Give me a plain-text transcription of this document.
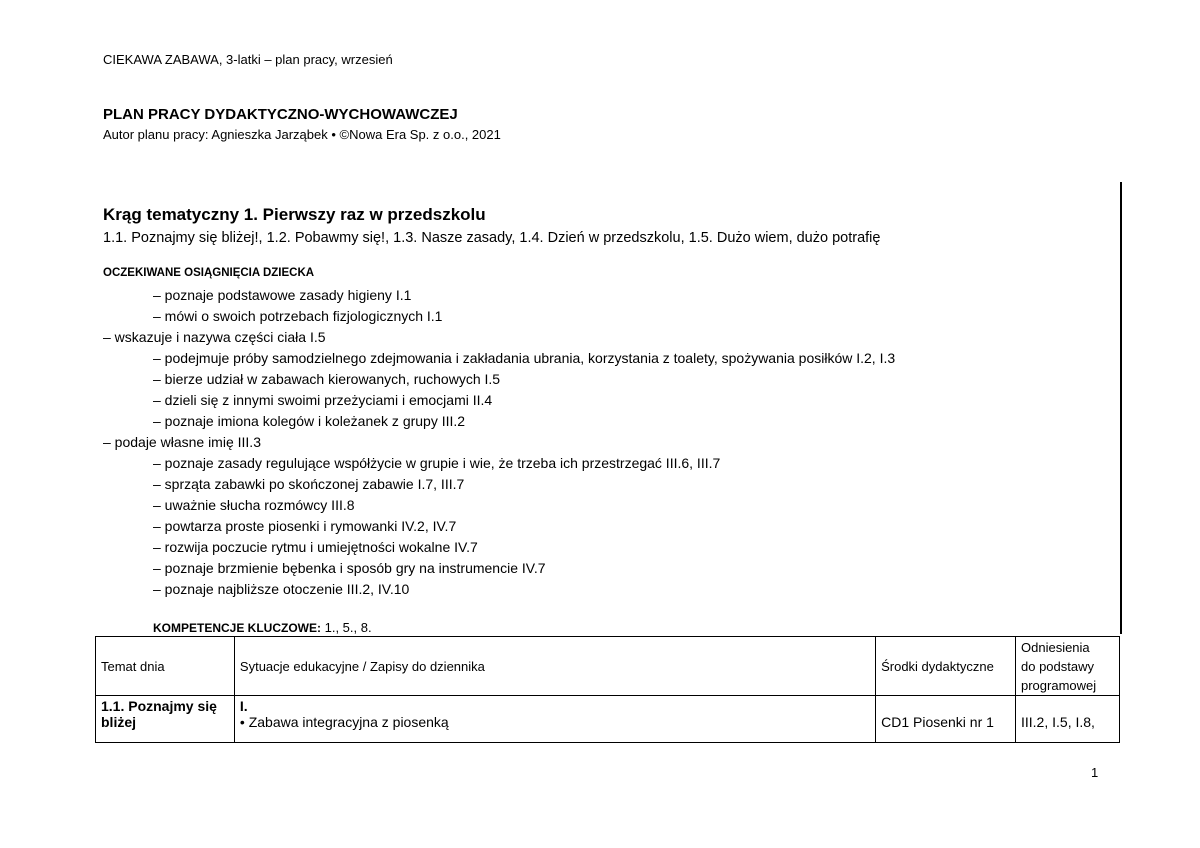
CIEKAWA ZABAWA, 3-latki – plan pracy, wrzesień
PLAN PRACY DYDAKTYCZNO-WYCHOWAWCZEJ
Autor planu pracy: Agnieszka Jarząbek • ©Nowa Era Sp. z o.o., 2021
Krąg tematyczny 1. Pierwszy raz w przedszkolu
1.1. Poznajmy się bliżej!, 1.2. Pobawmy się!, 1.3. Nasze zasady, 1.4. Dzień w przedszkolu, 1.5. Dużo wiem, dużo potrafię
OCZEKIWANE OSIĄGNIĘCIA DZIECKA
– poznaje podstawowe zasady higieny I.1
– mówi o swoich potrzebach fizjologicznych I.1
– wskazuje i nazywa części ciała I.5
– podejmuje próby samodzielnego zdejmowania i zakładania ubrania, korzystania z toalety, spożywania posiłków I.2, I.3
– bierze udział w zabawach kierowanych, ruchowych I.5
– dzieli się z innymi swoimi przeżyciami i emocjami II.4
– poznaje imiona kolegów i koleżanek z grupy III.2
– podaje własne imię III.3
– poznaje zasady regulujące współżycie w grupie i wie, że trzeba ich przestrzegać III.6, III.7
– sprząta zabawki po skończonej zabawie I.7, III.7
– uważnie słucha rozmówcy III.8
– powtarza proste piosenki i rymowanki IV.2, IV.7
– rozwija poczucie rytmu i umiejętności wokalne IV.7
– poznaje brzmienie bębenka i sposób gry na instrumencie IV.7
– poznaje najbliższe otoczenie III.2, IV.10
KOMPETENCJE KLUCZOWE: 1., 5., 8.
Temat dnia	Sytuacje edukacyjne / Zapisy do dziennika	Środki dydaktyczne	Odniesienia
do podstawy
programowej
1.1. Poznajmy się
bliżej	I.
• Zabawa integracyjna z piosenką	CD1 Piosenki nr 1	III.2, I.5, I.8,
1
